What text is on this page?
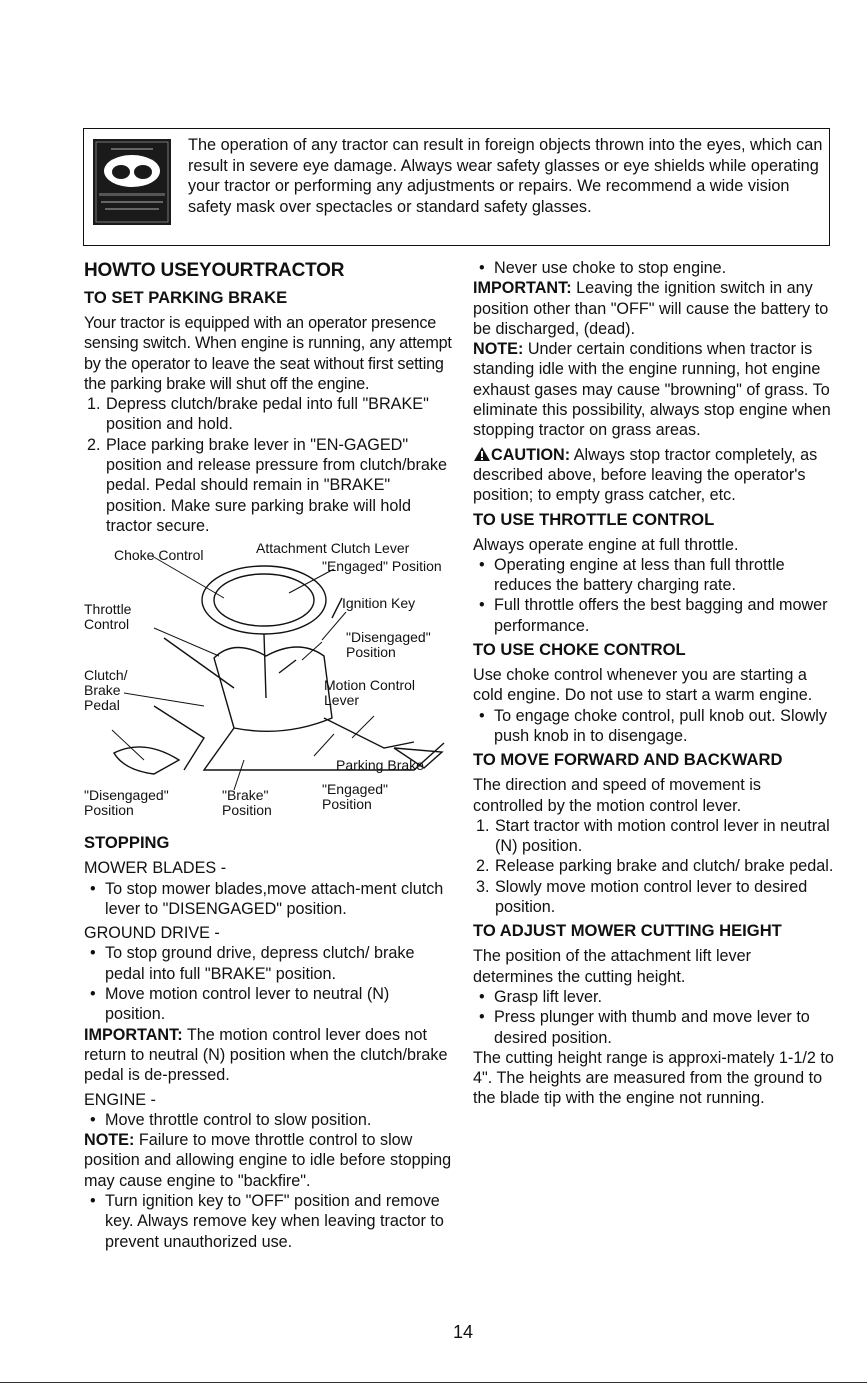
The operation of any tractor can result in foreign objects thrown into the eyes, which can result in severe eye damage. Always wear safety glasses or eye shields while operating your tractor or performing any adjustments or repairs. We recommend a wide vision safety mask over spectacles or standard safety glasses.

HOWTO USEYOURTRACTOR

TO SET PARKING BRAKE

Your tractor is equipped with an operator presence sensing switch. When engine is running, any attempt by the operator to leave the seat without first setting the parking brake will shut off the engine.

1. Depress clutch/brake pedal into full "BRAKE" position and hold.

2. Place parking brake lever in "EN-GAGED" position and release pressure from clutch/brake pedal. Pedal should remain in "BRAKE" position. Make sure parking brake will hold tractor secure.

Choke Control	Attachment Clutch Lever
"Engaged" Position
Throttle Control
Ignition Key
"Disengaged" Position
Clutch/ Brake Pedal
Motion Control Lever
Parking Brake
"Disengaged" Position
"Brake" Position
"Engaged" Position

STOPPING

MOWER BLADES -

• To stop mower blades,move attach-ment clutch lever to "DISENGAGED" position.

GROUND DRIVE -

• To stop ground drive, depress clutch/ brake pedal into full "BRAKE" position.

• Move motion control lever to neutral (N) position.

IMPORTANT: The motion control lever does not return to neutral (N) position when the clutch/brake pedal is de-pressed.

ENGINE -

• Move throttle control to slow position.

NOTE: Failure to move throttle control to slow position and allowing engine to idle before stopping may cause engine to "backfire".

• Turn ignition key to "OFF" position and remove key. Always remove key when leaving tractor to prevent unauthorized use.

• Never use choke to stop engine.

IMPORTANT: Leaving the ignition switch in any position other than "OFF" will cause the battery to be discharged, (dead).

NOTE: Under certain conditions when tractor is standing idle with the engine running, hot engine exhaust gases may cause "browning" of grass. To eliminate this possibility, always stop engine when stopping tractor on grass areas.

CAUTION: Always stop tractor completely, as described above, before leaving the operator's position; to empty grass catcher, etc.

TO USE THROTTLE CONTROL

Always operate engine at full throttle.

• Operating engine at less than full throttle reduces the battery charging rate.

• Full throttle offers the best bagging and mower performance.

TO USE CHOKE CONTROL

Use choke control whenever you are starting a cold engine. Do not use to start a warm engine.

• To engage choke control, pull knob out. Slowly push knob in to disengage.

TO MOVE FORWARD AND BACKWARD

The direction and speed of movement is controlled by the motion control lever.

1. Start tractor with motion control lever in neutral (N) position.

2. Release parking brake and clutch/ brake pedal.

3. Slowly move motion control lever to desired position.

TO ADJUST MOWER CUTTING HEIGHT

The position of the attachment lift lever determines the cutting height.

• Grasp lift lever.

• Press plunger with thumb and move lever to desired position.

The cutting height range is approxi-mately 1-1/2 to 4". The heights are measured from the ground to the blade tip with the engine not running.

14
